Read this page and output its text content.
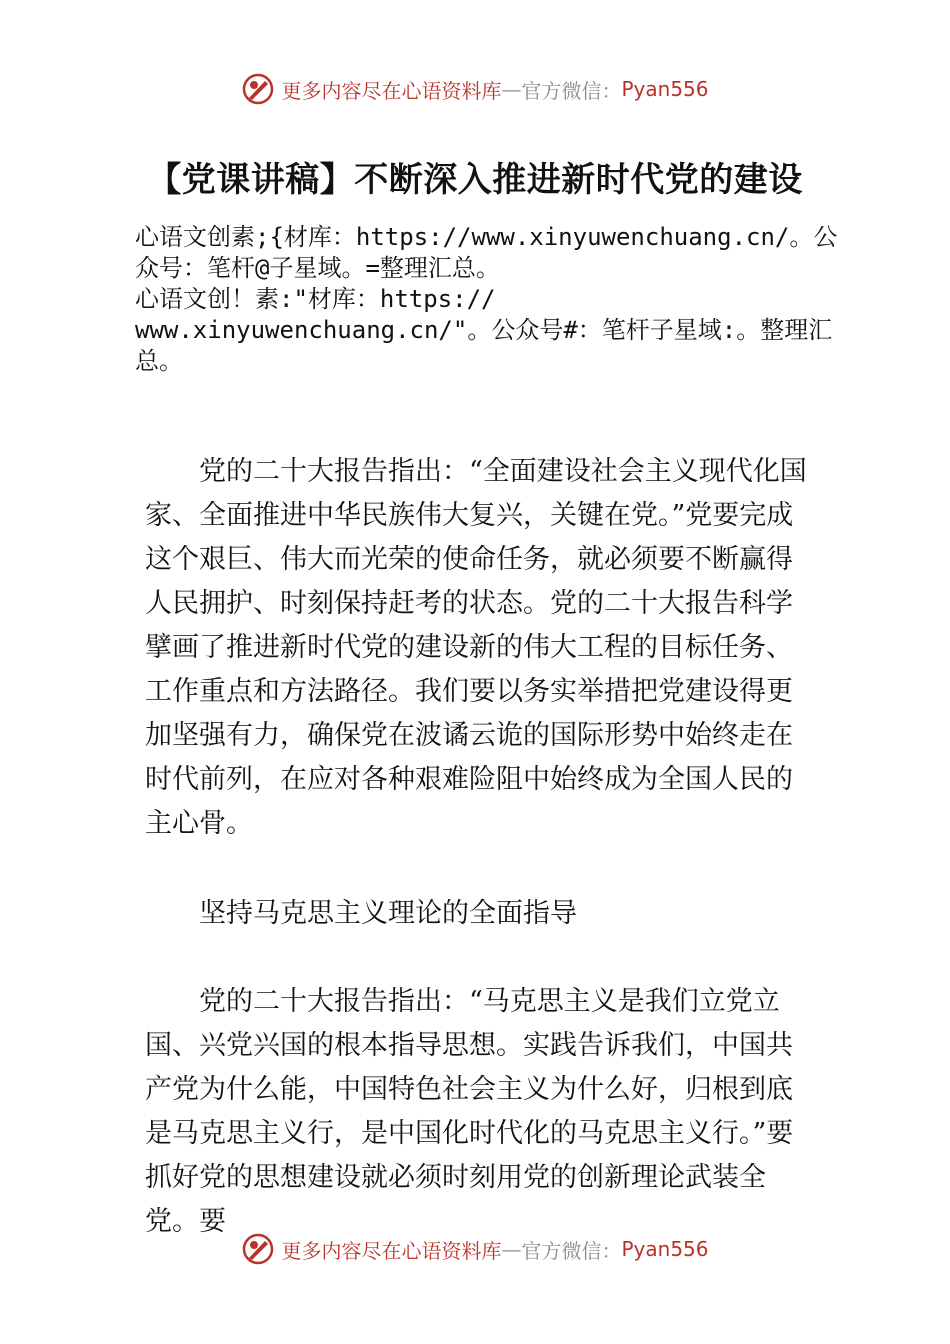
更多内容尽在心语资料库 — 官方微信： Pyan556
【党课讲稿】不断深入推进新时代党的建设
心语文创素;{材库：https://www.xinyuwenchuang.cn/。公众号：笔杆@子星域。=整理汇总。
心语文创！素:"材库：https://
www.xinyuwenchuang.cn/"。公众号#：笔杆子星域:。整理汇总。

党的二十大报告指出：“全面建设社会主义现代化国家、全面推进中华民族伟大复兴，关键在党。”党要完成这个艰巨、伟大而光荣的使命任务，就必须要不断赢得人民拥护、时刻保持赶考的状态。党的二十大报告科学擘画了推进新时代党的建设新的伟大工程的目标任务、工作重点和方法路径。我们要以务实举措把党建设得更加坚强有力，确保党在波谲云诡的国际形势中始终走在时代前列，在应对各种艰难险阻中始终成为全国人民的主心骨。

坚持马克思主义理论的全面指导

党的二十大报告指出：“马克思主义是我们立党立国、兴党兴国的根本指导思想。实践告诉我们，中国共产党为什么能，中国特色社会主义为什么好，归根到底是马克思主义行，是中国化时代化的马克思主义行。”要抓好党的思想建设就必须时刻用党的创新理论武装全党。要

更多内容尽在心语资料库 — 官方微信： Pyan556
